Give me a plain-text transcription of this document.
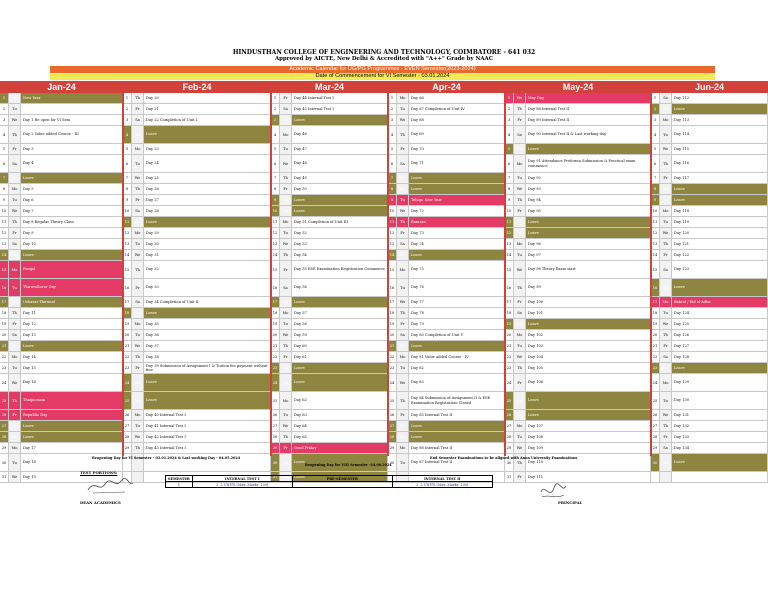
HINDUSTHAN COLLEGE OF ENGINEERING AND TECHNOLOGY, COIMBATORE - 641 032
Approved by AICTE, New Delhi & Accredited with "A++" Grade by NAAC
Academic Calendar for UG/PG Programmes - EVEN Semester(2023-2024)
Date of Commencement for VI Semester - 03.01.2024
Jan-24	Feb-24	Mar-24	Apr-24	May-24	Jun-24
1	M	New Year
2	Tu
3	We	Day 1 Re open for VI Sem
4	Th	Day 2 Value added Course - III
5	Fr	Day 3
6	Sa	Day 4
7	Su	Leave
8	Mo	Day 5
9	Tu	Day 6
10	We	Day 7
11	Th	Day 8 Regular Theory Class
12	Fr	Day 9
13	Sa	Day 10
14	Su	Leave
15	Mo	Pongal
16	Tu	Thiruvalluvar Day
17	We	Uzhavar Thirunal
18	Th	Day 11
19	Fr	Day 12
20	Sa	Day 13
21	Su	Leave
22	Mo	Day 14
23	Tu	Day 15
24	We	Day 16
25	Th	Thaipoosam
26	Fr	Republic Day
27	Sa	Leave
28	Su	Leave
29	Mo	Day 17
30	Tu	Day 18
31	We	Day 19
1	Th	Day 20
2	Fr	Day 21
3	Sa	Day 22 Completion of Unit I
4	Su	Leave
5	Mo	Day 23
6	Tu	Day 24
7	We	Day 25
8	Th	Day 26
9	Fr	Day 27
10	Sa	Day 28
11	Su	Leave
12	Mo	Day 29
13	Tu	Day 30
14	We	Day 31
15	Th	Day 32
16	Fr	Day 33
17	Sa	Day 34 Completion of Unit II
18	Su	Leave
19	Mo	Day 35
20	Tu	Day 36
21	We	Day 37
22	Th	Day 38
23	Fr
Day 39 Submission of Assignment I & Tuition fee payment without fine
24	Sa	Leave
25	Su	Leave
26	Mo	Day 40 Internal Test I
27	Tu	Day 41 Internal Test I
28	We	Day 42 Internal Test I
29	Th	Day 43 Internal Test I
1	Fr	Day 44 Internal Test I
2	Sa	Day 45 Internal Test I
3	Su	Leave
4	Mo	Day 46
5	Tu	Day 47
6	We	Day 48
7	Th	Day 49
8	Fr	Day 50
9	Sa	Leave
10	Su	Leave
11	Mo	Day 51 Completion of Unit III
12	Tu	Day 52
13	We	Day 53
14	Th	Day 54
15	Fr	Day 55 ESE Examination Registration Commence
16	Sa	Day 56
17	Su	Leave
18	Mo	Day 57
19	Tu	Day 58
20	We	Day 59
21	Th	Day 60
22	Fr	Day 61
23	Sa	Leave
24	Su	Leave
25	Mo	Day 62
26	Tu	Day 63
27	We	Day 64
28	Th	Day 65
29	Fr	Good Friday
30	Sa	Leave
31	Su	Leave
1	Mo	Day 66
2	Tu	Day 67 Completion of Unit IV
3	We	Day 68
4	Th	Day 69
5	Fr	Day 70
6	Sa	Day 71
7	Su	Leave
8	Mo	Leave
9	Tu	Telugu New Year
10	We	Day 72
11	Th	Ramzan
12	Fr	Day 73
13	Sa	Day 74
14	Su	Leave
15	Mo	Day 75
16	Tu	Day 76
17	We	Day 77
18	Th	Day 78
19	Fr	Day 79
20	Sa	Day 80 Completion of Unit V
21	Su	Leave
22	Mo	Day 81 Value added Course - IV
23	Tu	Day 82
24	We	Day 83
25	Th
Day 84 Submission of Assignment II & ESE Examination Registration Closed
26	Fr	Day 85 Internal Test II
27	Sa	Leave
28	Su	Leave
29	Mo	Day 86 Internal Test II
30	Tu	Day 87 Internal Test II
1	We	May Day
2	Th	Day 88 Internal Test II
3	Fr	Day 89 Internal Test II
4	Sa	Day 90 Internal Test II & Last working day
5	Su	Leave
6	Mo
Day 91 Attendance Preforma Submission & Practical exam commence
7	Tu	Day 92
8	We	Day 93
9	Th	Day 94
10	Fr	Day 95
11	Sa	Leave
12	Su	Leave
13	Mo	Day 96
14	Tu	Day 97
15	We	Day 98 Theory Exam start
16	Th	Day 99
17	Fr	Day 100
18	Sa	Day 101
19	Su	Leave
20	Mo	Day 102
21	Tu	Day 103
22	We	Day 104
23	Th	Day 105
24	Fr	Day 106
25	Sa	Leave
26	Su	Leave
27	Mo	Day 107
28	Tu	Day 108
29	We	Day 109
30	Th	Day 110
31	Fr	Day 111
1	Sa	Day 112
2	Su	Leave
3	Mo	Day 113
4	Tu	Day 114
5	We	Day 115
6	Th	Day 116
7	Fr	Day 117
8	Sa	Leave
9	Su	Leave
10	Mo	Day 118
11	Tu	Day 119
12	We	Day 120
13	Th	Day 121
14	Fr	Day 122
15	Sa	Day 123
16	Su	Leave
17	Mo	Bakrid / Eid al-Adha
18	Tu	Day 124
19	We	Day 125
20	Th	Day 126
21	Fr	Day 127
22	Sa	Day 128
23	Su	Leave
24	Mo	Day 129
25	Tu	Day 130
26	We	Day 131
27	Th	Day 132
28	Fr	Day 133
29	Sa	Day 134
30	Su	Leave
Reopening Day for VI Semester - 03.01.2024 & Last working Day - 04.05.2024	End Semester Examinations to be aligned with Anna University Examinations
Reopening Day for VIII Semester -24.06.2024
TEST PORTIONS:
SEMESTER	INTERNAL TEST I	PRE-SEMESTER	INTERNAL TEST II
I	2 .5 UNITS (Max. Marks: 100)		2 .5 UNITS (Max. Marks: 100)
DEAN ACADEMICS	PRINCIPAL
